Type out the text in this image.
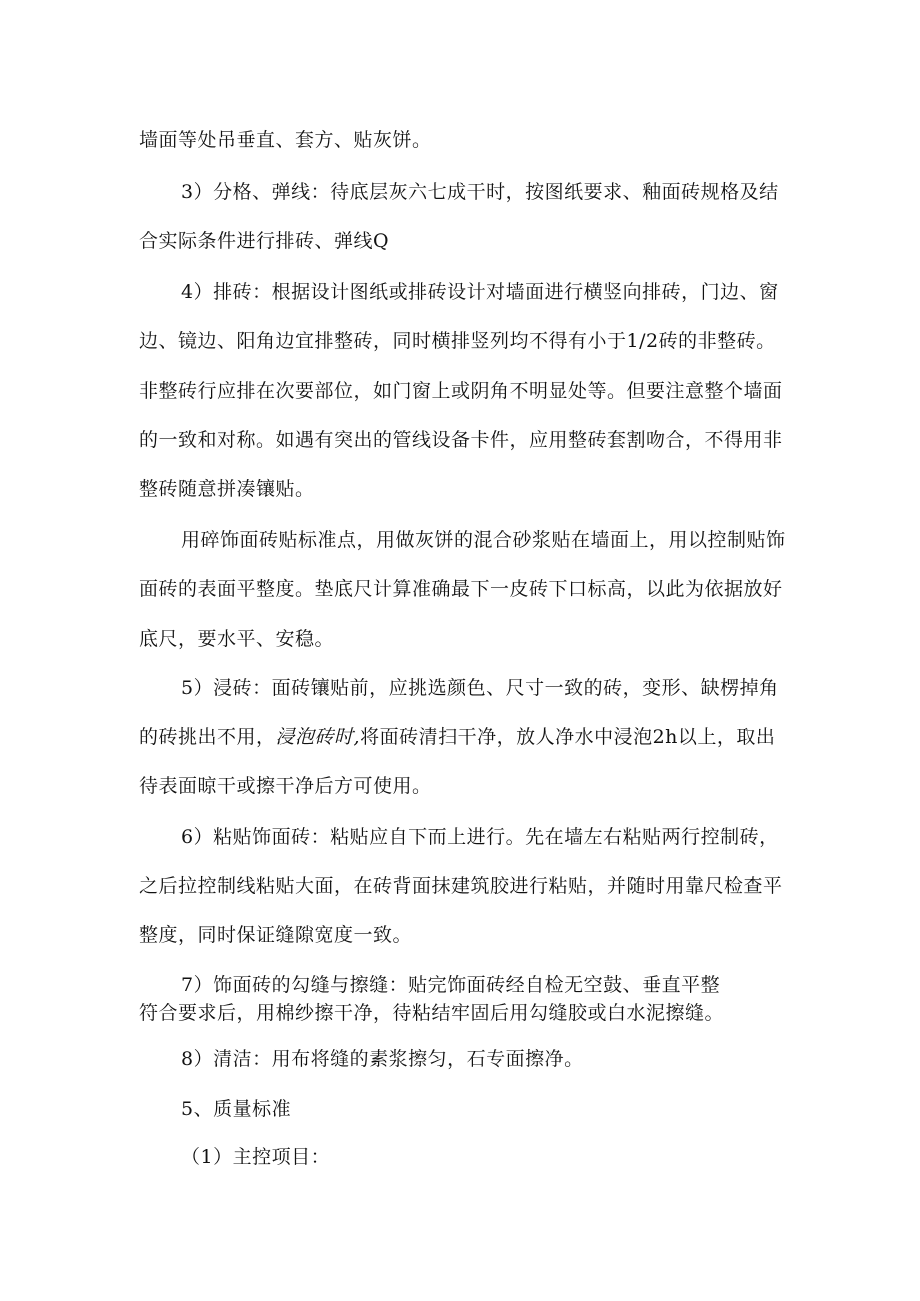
墙面等处吊垂直、套方、贴灰饼。
3）分格、弹线：待底层灰六七成干时，按图纸要求、釉面砖规格及结
合实际条件进行排砖、弹线Q
4）排砖：根据设计图纸或排砖设计对墙面进行横竖向排砖，门边、窗
边、镜边、阳角边宜排整砖，同时横排竖列均不得有小于1/2砖的非整砖。
非整砖行应排在次要部位，如门窗上或阴角不明显处等。但要注意整个墙面
的一致和对称。如遇有突出的管线设备卡件，应用整砖套割吻合，不得用非
整砖随意拼凑镶贴。
用碎饰面砖贴标准点，用做灰饼的混合砂浆贴在墙面上，用以控制贴饰
面砖的表面平整度。垫底尺计算准确最下一皮砖下口标高，以此为依据放好
底尺，要水平、安稳。
5）浸砖：面砖镶贴前，应挑选颜色、尺寸一致的砖，变形、缺楞掉角
的砖挑出不用，浸泡砖时,将面砖清扫干净，放人净水中浸泡2h以上，取出
待表面晾干或擦干净后方可使用。
6）粘贴饰面砖：粘贴应自下而上进行。先在墙左右粘贴两行控制砖，
之后拉控制线粘贴大面，在砖背面抹建筑胶进行粘贴，并随时用靠尺检查平
整度，同时保证缝隙宽度一致。
7）饰面砖的勾缝与擦缝：贴完饰面砖经自检无空鼓、垂直平整
符合要求后，用棉纱擦干净，待粘结牢固后用勾缝胶或白水泥擦缝。
8）清洁：用布将缝的素浆擦匀，石专面擦净。
5、质量标准
（1）主控项目：
